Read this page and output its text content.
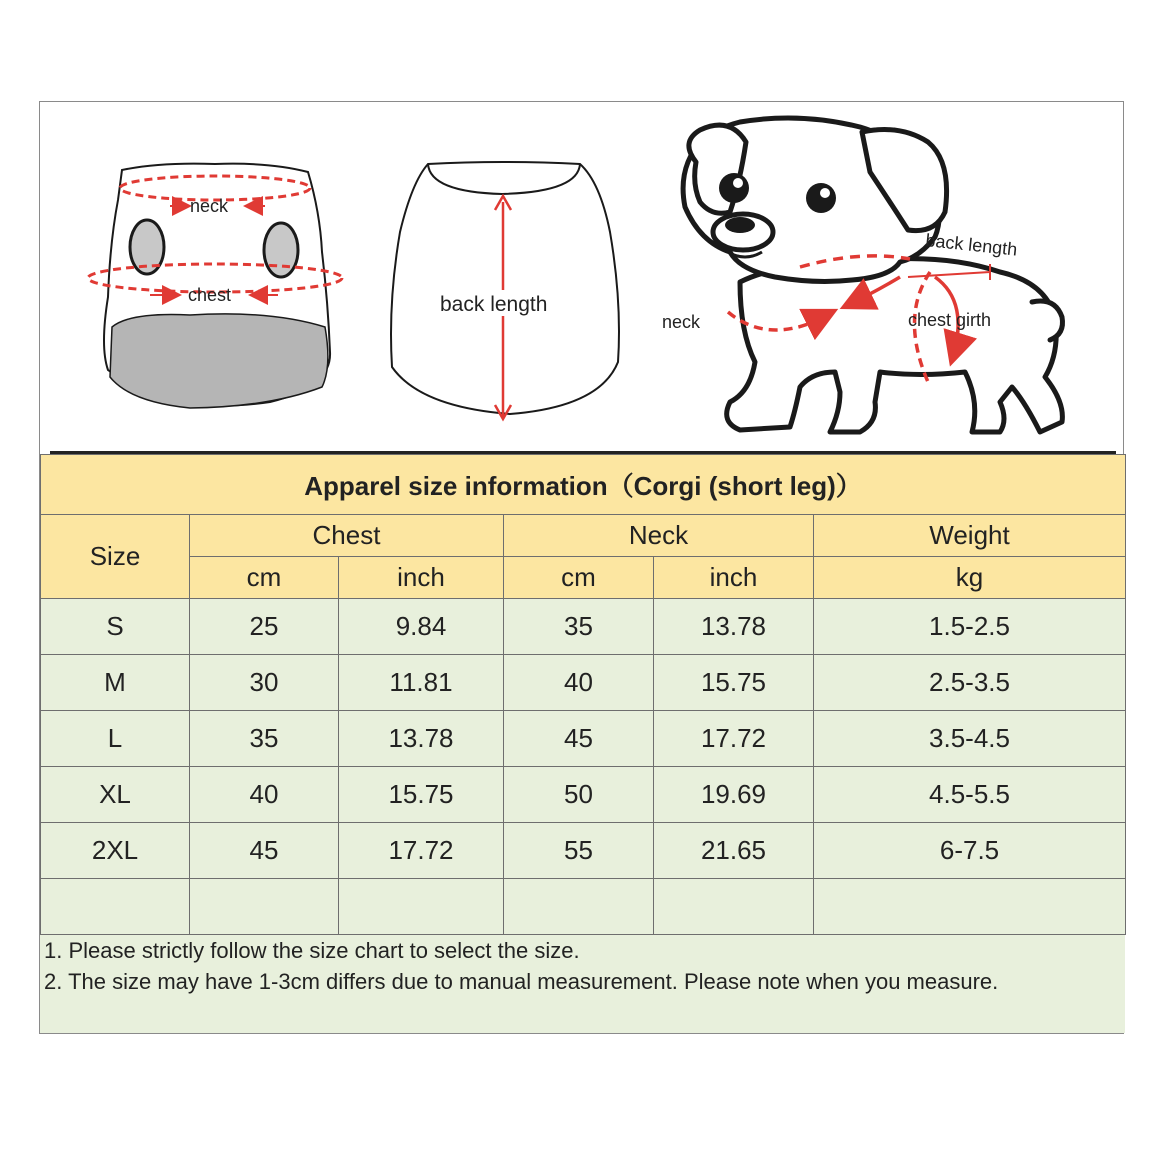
neck
chest	back length
neck
back length
chest girth
Apparel size information（Corgi (short leg)）					
Size	Chest		Neck		Weight
	cm	inch	cm	inch	kg
S	25	9.84	35	13.78	1.5-2.5
M	30	11.81	40	15.75	2.5-3.5
L	35	13.78	45	17.72	3.5-4.5
XL	40	15.75	50	19.69	4.5-5.5
2XL	45	17.72	55	21.65	6-7.5

1. Please strictly follow the size chart to select the size.
2. The size may have 1-3cm differs due to manual measurement. Please note when you measure.
